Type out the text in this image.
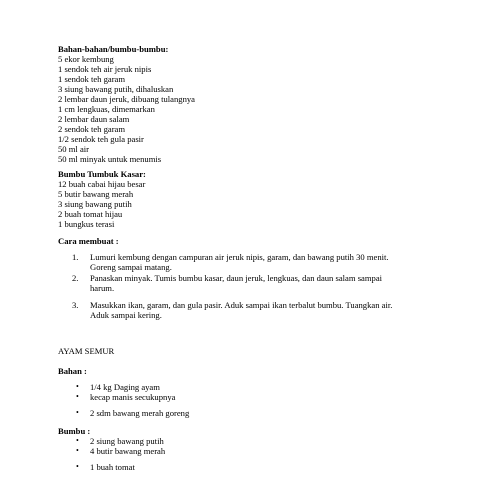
Bahan-bahan/bumbu-bumbu:
5 ekor kembung
1 sendok teh air jeruk nipis
1 sendok teh garam
3 siung bawang putih, dihaluskan
2 lembar daun jeruk, dibuang tulangnya
1 cm lengkuas, dimemarkan
2 lembar daun salam
2 sendok teh garam
1/2 sendok teh gula pasir
50 ml air
50 ml minyak untuk menumis
Bumbu Tumbuk Kasar:
12 buah cabai hijau besar
5 butir bawang merah
3 siung bawang putih
2 buah tomat hijau
1 bungkus terasi
Cara membuat :
1. Lumuri kembung dengan campuran air jeruk nipis, garam, dan bawang putih 30 menit.
Goreng sampai matang.
2. Panaskan minyak. Tumis bumbu kasar, daun jeruk, lengkuas, dan daun salam sampai
harum.
3. Masukkan ikan, garam, dan gula pasir. Aduk sampai ikan terbalut bumbu. Tuangkan air.
Aduk sampai kering.
AYAM SEMUR
Bahan :
• 1/4 kg Daging ayam
• kecap manis secukupnya
• 2 sdm bawang merah goreng
Bumbu :
• 2 siung bawang putih
• 4 butir bawang merah
• 1 buah tomat
